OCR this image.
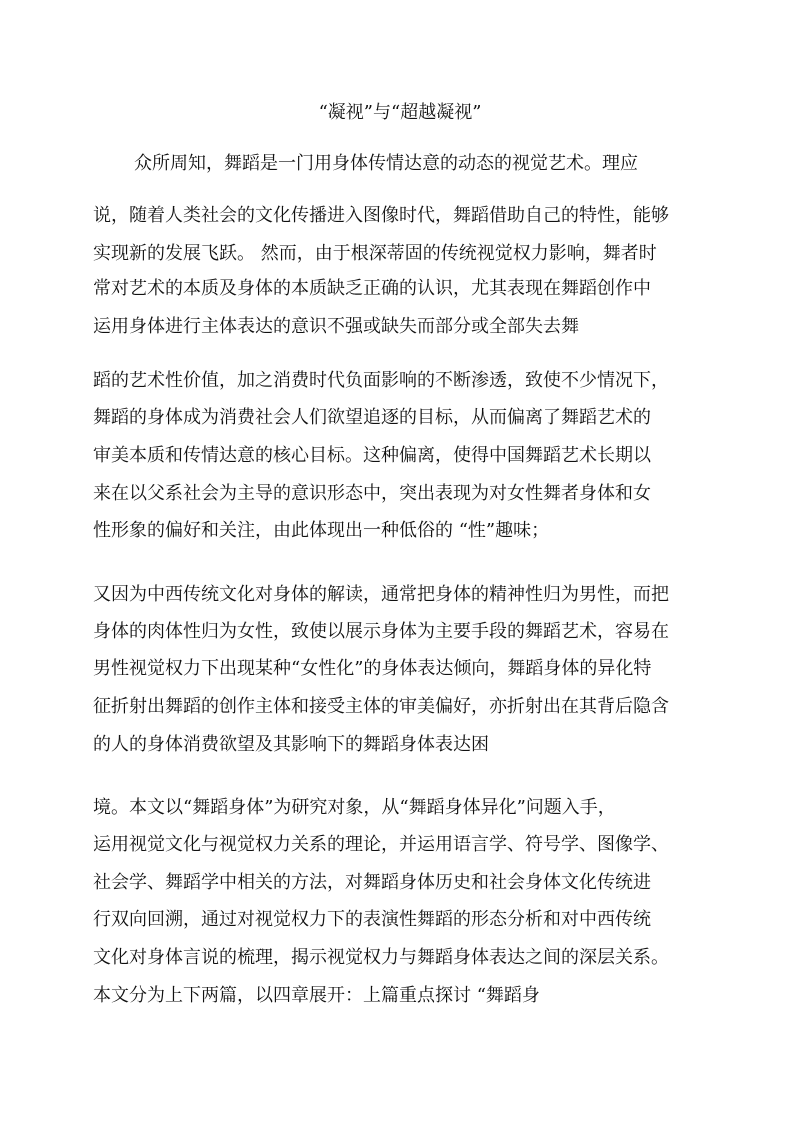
“凝视”与“超越凝视”
众所周知，舞蹈是一门用身体传情达意的动态的视觉艺术。理应
说，随着人类社会的文化传播进入图像时代，舞蹈借助自己的特性，能够
实现新的发展飞跃。 然而，由于根深蒂固的传统视觉权力影响，舞者时
常对艺术的本质及身体的本质缺乏正确的认识，尤其表现在舞蹈创作中
运用身体进行主体表达的意识不强或缺失而部分或全部失去舞
蹈的艺术性价值，加之消费时代负面影响的不断渗透，致使不少情况下，
舞蹈的身体成为消费社会人们欲望追逐的目标，从而偏离了舞蹈艺术的
审美本质和传情达意的核心目标。这种偏离，使得中国舞蹈艺术长期以
来在以父系社会为主导的意识形态中，突出表现为对女性舞者身体和女
性形象的偏好和关注，由此体现出一种低俗的 “性”趣味；
又因为中西传统文化对身体的解读，通常把身体的精神性归为男性，而把
身体的肉体性归为女性，致使以展示身体为主要手段的舞蹈艺术，容易在
男性视觉权力下出现某种“女性化”的身体表达倾向，舞蹈身体的异化特
征折射出舞蹈的创作主体和接受主体的审美偏好，亦折射出在其背后隐含
的人的身体消费欲望及其影响下的舞蹈身体表达困
境。本文以“舞蹈身体”为研究对象，从“舞蹈身体异化”问题入手，
运用视觉文化与视觉权力关系的理论，并运用语言学、符号学、图像学、
社会学、舞蹈学中相关的方法，对舞蹈身体历史和社会身体文化传统进
行双向回溯，通过对视觉权力下的表演性舞蹈的形态分析和对中西传统
文化对身体言说的梳理，揭示视觉权力与舞蹈身体表达之间的深层关系。
本文分为上下两篇，以四章展开：上篇重点探讨 “舞蹈身
